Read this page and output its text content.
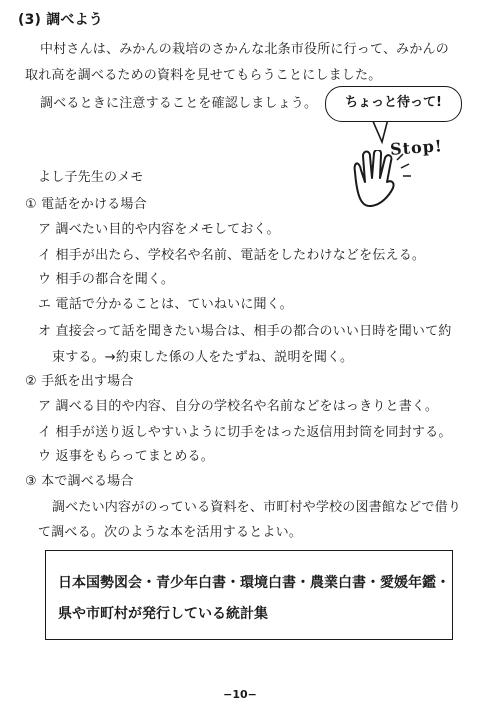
(3) 調べよう
中村さんは、みかんの栽培のさかんな北条市役所に行って、みかんの
取れ高を調べるための資料を見せてもらうことにしました。
調べるときに注意することを確認しましょう。	ちょっと待って!
Stop!
よし子先生のメモ
① 電話をかける場合
ア 調べたい目的や内容をメモしておく。
イ 相手が出たら、学校名や名前、電話をしたわけなどを伝える。
ウ 相手の都合を聞く。
エ 電話で分かることは、ていねいに聞く。
オ 直接会って話を聞きたい場合は、相手の都合のいい日時を聞いて約
束する。→約束した係の人をたずね、説明を聞く。
② 手紙を出す場合
ア 調べる目的や内容、自分の学校名や名前などをはっきりと書く。
イ 相手が送り返しやすいように切手をはった返信用封筒を同封する。
ウ 返事をもらってまとめる。
③ 本で調べる場合
調べたい内容がのっている資料を、市町村や学校の図書館などで借り
て調べる。次のような本を活用するとよい。
日本国勢図会・青少年白書・環境白書・農業白書・愛媛年鑑・
県や市町村が発行している統計集
−10−
